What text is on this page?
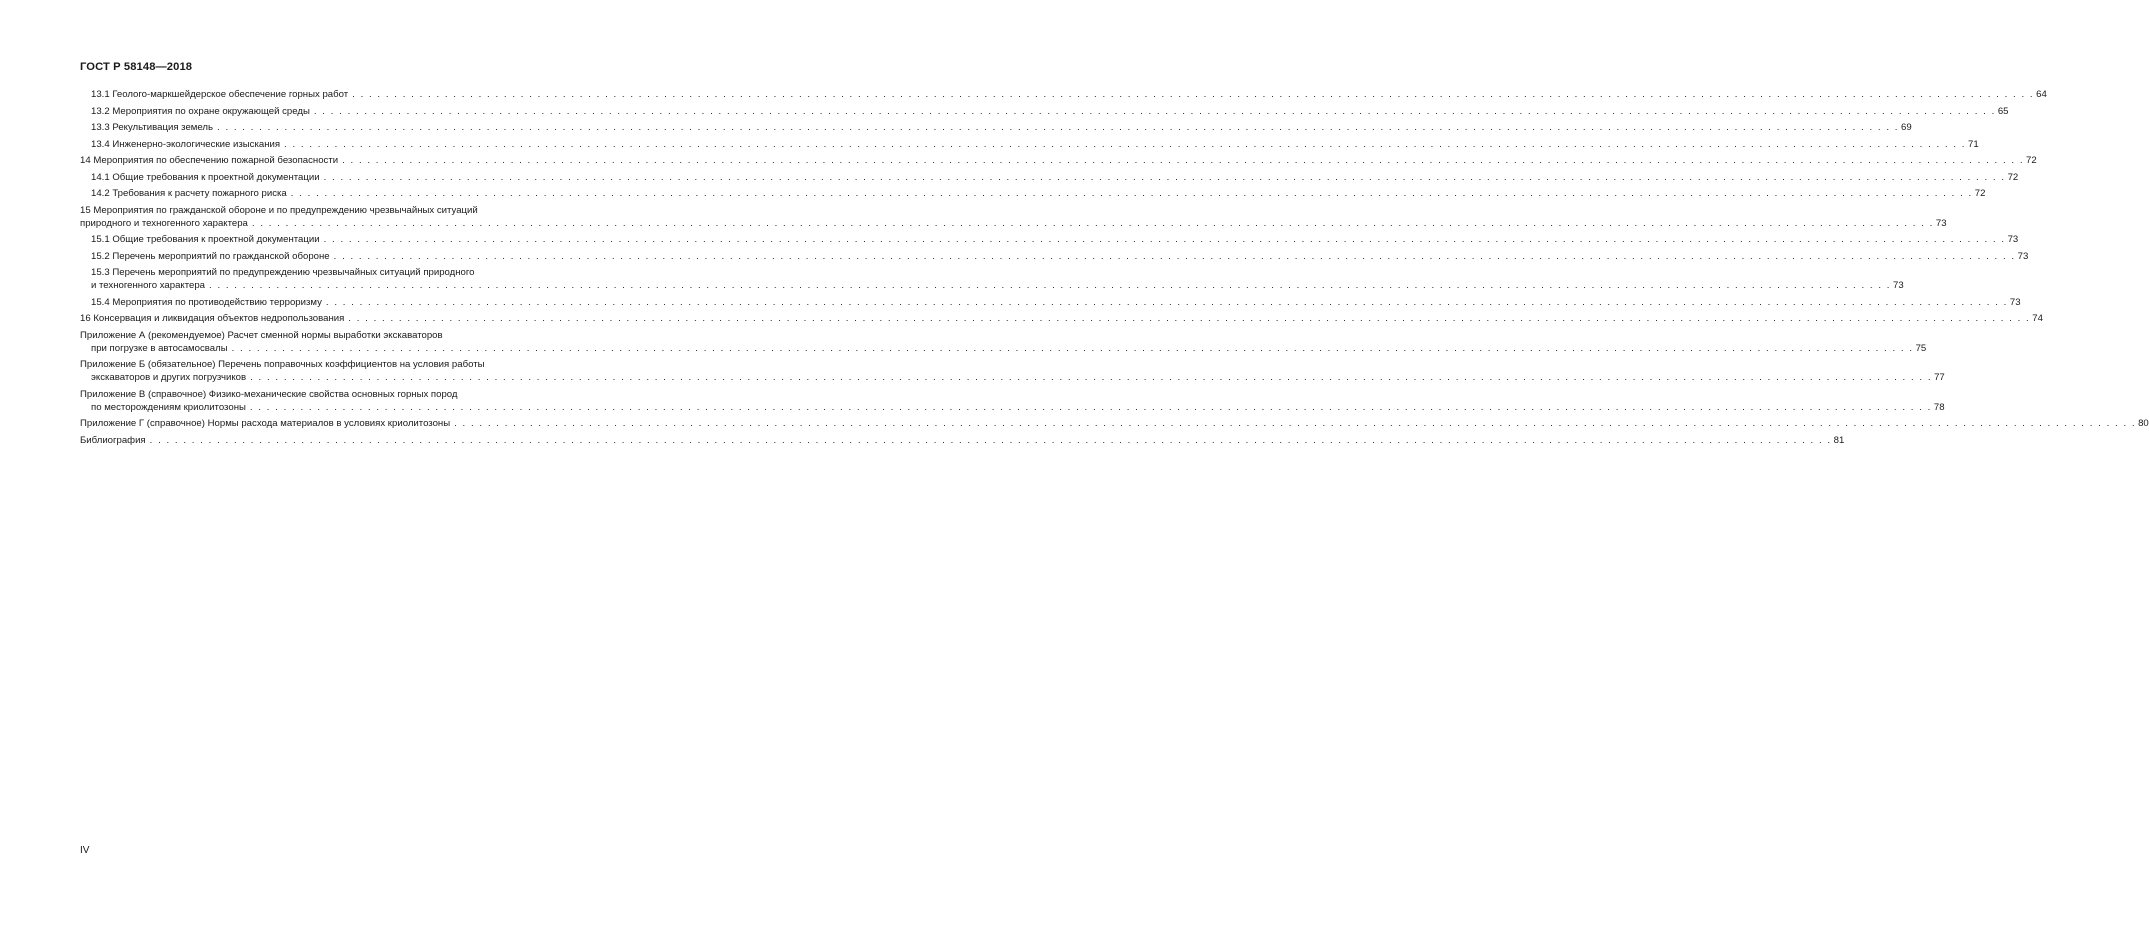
ГОСТ Р 58148—2018
13.1 Геолого-маркшейдерское обеспечение горных работ . . . . . . . . . . . . . . . . . . . . . . . . . . . . . . . . . . . . . . . . . . . . . . . . . . . . . . . . . . . . . . . . . . . . . . . . . . . . . . . . . . . . . . . . . . . . . . . . . . . . . . . . . . . . . . . . . . . . . . . . . . . . . . . . . . . . . . . . . . . . . . . . . . . . . . . . . . . . . . . . . . . . . . . . . . . . . . . . . . . . . . . . . . . . . . . . . . . . . . . . 64
13.2 Мероприятия по охране окружающей среды . . . . . . . . . . . . . . . . . . . . . . . . . . . . . . . . . . . . . . . . . . . . . . . . . . . . . . . . . . . . . . . . . . . . . . . . . . . . . . . . . . . . . . . . . . . . . . . . . . . . . . . . . . . . . . . . . . . . . . . . . . . . . . . . . . . . . . . . . . . . . . . . . . . . . . . . . . . . . . . . . . . . . . . . . . . . . . . . . . . . . . . . . . . . . . . . . . . . . . . . 65
13.3 Рекультивация земель . . . . . . . . . . . . . . . . . . . . . . . . . . . . . . . . . . . . . . . . . . . . . . . . . . . . . . . . . . . . . . . . . . . . . . . . . . . . . . . . . . . . . . . . . . . . . . . . . . . . . . . . . . . . . . . . . . . . . . . . . . . . . . . . . . . . . . . . . . . . . . . . . . . . . . . . . . . . . . . . . . . . . . . . . . . . . . . . . . . . . . . . . . . . . . . . . . . . . . . . 69
13.4 Инженерно-экологические изыскания . . . . . . . . . . . . . . . . . . . . . . . . . . . . . . . . . . . . . . . . . . . . . . . . . . . . . . . . . . . . . . . . . . . . . . . . . . . . . . . . . . . . . . . . . . . . . . . . . . . . . . . . . . . . . . . . . . . . . . . . . . . . . . . . . . . . . . . . . . . . . . . . . . . . . . . . . . . . . . . . . . . . . . . . . . . . . . . . . . . . . . . . . . . . . . . . . . . . . . . . 71
14 Мероприятия по обеспечению пожарной безопасности . . . . . . . . . . . . . . . . . . . . . . . . . . . . . . . . . . . . . . . . . . . . . . . . . . . . . . . . . . . . . . . . . . . . . . . . . . . . . . . . . . . . . . . . . . . . . . . . . . . . . . . . . . . . . . . . . . . . . . . . . . . . . . . . . . . . . . . . . . . . . . . . . . . . . . . . . . . . . . . . . . . . . . . . . . . . . . . . . . . . . . . . . . . . . . . . . . . . . . . . 72
14.1 Общие требования к проектной документации . . . . . . . . . . . . . . . . . . . . . . . . . . . . . . . . . . . . . . . . . . . . . . . . . . . . . . . . . . . . . . . . . . . . . . . . . . . . . . . . . . . . . . . . . . . . . . . . . . . . . . . . . . . . . . . . . . . . . . . . . . . . . . . . . . . . . . . . . . . . . . . . . . . . . . . . . . . . . . . . . . . . . . . . . . . . . . . . . . . . . . . . . . . . . . . . . . . . . . . . 72
14.2 Требования к расчету пожарного риска . . . . . . . . . . . . . . . . . . . . . . . . . . . . . . . . . . . . . . . . . . . . . . . . . . . . . . . . . . . . . . . . . . . . . . . . . . . . . . . . . . . . . . . . . . . . . . . . . . . . . . . . . . . . . . . . . . . . . . . . . . . . . . . . . . . . . . . . . . . . . . . . . . . . . . . . . . . . . . . . . . . . . . . . . . . . . . . . . . . . . . . . . . . . . . . . . . . . . . . . 72
15 Мероприятия по гражданской обороне и по предупреждению чрезвычайных ситуаций
природного и техногенного характера . . . . . . . . . . . . . . . . . . . . . . . . . . . . . . . . . . . . . . . . . . . . . . . . . . . . . . . . . . . . . . . . . . . . . . . . . . . . . . . . . . . . . . . . . . . . . . . . . . . . . . . . . . . . . . . . . . . . . . . . . . . . . . . . . . . . . . . . . . . . . . . . . . . . . . . . . . . . . . . . . . . . . . . . . . . . . . . . . . . . . . . . . . . . . . . . . . . . . . . . 73
15.1 Общие требования к проектной документации . . . . . . . . . . . . . . . . . . . . . . . . . . . . . . . . . . . . . . . . . . . . . . . . . . . . . . . . . . . . . . . . . . . . . . . . . . . . . . . . . . . . . . . . . . . . . . . . . . . . . . . . . . . . . . . . . . . . . . . . . . . . . . . . . . . . . . . . . . . . . . . . . . . . . . . . . . . . . . . . . . . . . . . . . . . . . . . . . . . . . . . . . . . . . . . . . . . . . . . . 73
15.2 Перечень мероприятий по гражданской обороне . . . . . . . . . . . . . . . . . . . . . . . . . . . . . . . . . . . . . . . . . . . . . . . . . . . . . . . . . . . . . . . . . . . . . . . . . . . . . . . . . . . . . . . . . . . . . . . . . . . . . . . . . . . . . . . . . . . . . . . . . . . . . . . . . . . . . . . . . . . . . . . . . . . . . . . . . . . . . . . . . . . . . . . . . . . . . . . . . . . . . . . . . . . . . . . . . . . . . . . . 73
15.3 Перечень мероприятий по предупреждению чрезвычайных ситуаций природного
и техногенного характера . . . . . . . . . . . . . . . . . . . . . . . . . . . . . . . . . . . . . . . . . . . . . . . . . . . . . . . . . . . . . . . . . . . . . . . . . . . . . . . . . . . . . . . . . . . . . . . . . . . . . . . . . . . . . . . . . . . . . . . . . . . . . . . . . . . . . . . . . . . . . . . . . . . . . . . . . . . . . . . . . . . . . . . . . . . . . . . . . . . . . . . . . . . . . . . . . . . . . . . . 73
15.4 Мероприятия по противодействию терроризму . . . . . . . . . . . . . . . . . . . . . . . . . . . . . . . . . . . . . . . . . . . . . . . . . . . . . . . . . . . . . . . . . . . . . . . . . . . . . . . . . . . . . . . . . . . . . . . . . . . . . . . . . . . . . . . . . . . . . . . . . . . . . . . . . . . . . . . . . . . . . . . . . . . . . . . . . . . . . . . . . . . . . . . . . . . . . . . . . . . . . . . . . . . . . . . . . . . . . . . . 73
16 Консервация и ликвидация объектов недропользования . . . . . . . . . . . . . . . . . . . . . . . . . . . . . . . . . . . . . . . . . . . . . . . . . . . . . . . . . . . . . . . . . . . . . . . . . . . . . . . . . . . . . . . . . . . . . . . . . . . . . . . . . . . . . . . . . . . . . . . . . . . . . . . . . . . . . . . . . . . . . . . . . . . . . . . . . . . . . . . . . . . . . . . . . . . . . . . . . . . . . . . . . . . . . . . . . . . . . . . . 74
Приложение А (рекомендуемое) Расчет сменной нормы выработки экскаваторов
при погрузке в автосамосвалы . . . . . . . . . . . . . . . . . . . . . . . . . . . . . . . . . . . . . . . . . . . . . . . . . . . . . . . . . . . . . . . . . . . . . . . . . . . . . . . . . . . . . . . . . . . . . . . . . . . . . . . . . . . . . . . . . . . . . . . . . . . . . . . . . . . . . . . . . . . . . . . . . . . . . . . . . . . . . . . . . . . . . . . . . . . . . . . . . . . . . . . . . . . . . . . . . . . . . . . . 75
Приложение Б (обязательное) Перечень поправочных коэффициентов на условия работы
экскаваторов и других погрузчиков . . . . . . . . . . . . . . . . . . . . . . . . . . . . . . . . . . . . . . . . . . . . . . . . . . . . . . . . . . . . . . . . . . . . . . . . . . . . . . . . . . . . . . . . . . . . . . . . . . . . . . . . . . . . . . . . . . . . . . . . . . . . . . . . . . . . . . . . . . . . . . . . . . . . . . . . . . . . . . . . . . . . . . . . . . . . . . . . . . . . . . . . . . . . . . . . . . . . . . . . 77
Приложение В (справочное) Физико-механические свойства основных горных пород
по месторождениям криолитозоны . . . . . . . . . . . . . . . . . . . . . . . . . . . . . . . . . . . . . . . . . . . . . . . . . . . . . . . . . . . . . . . . . . . . . . . . . . . . . . . . . . . . . . . . . . . . . . . . . . . . . . . . . . . . . . . . . . . . . . . . . . . . . . . . . . . . . . . . . . . . . . . . . . . . . . . . . . . . . . . . . . . . . . . . . . . . . . . . . . . . . . . . . . . . . . . . . . . . . . . . 78
Приложение Г (справочное) Нормы расхода материалов в условиях криолитозоны . . . . . . . . . . . . . . . . . . . . . . . . . . . . . . . . . . . . . . . . . . . . . . . . . . . . . . . . . . . . . . . . . . . . . . . . . . . . . . . . . . . . . . . . . . . . . . . . . . . . . . . . . . . . . . . . . . . . . . . . . . . . . . . . . . . . . . . . . . . . . . . . . . . . . . . . . . . . . . . . . . . . . . . . . . . . . . . . . . . . . . . . . . . . . . . . . . . . . . . . 80
Библиография . . . . . . . . . . . . . . . . . . . . . . . . . . . . . . . . . . . . . . . . . . . . . . . . . . . . . . . . . . . . . . . . . . . . . . . . . . . . . . . . . . . . . . . . . . . . . . . . . . . . . . . . . . . . . . . . . . . . . . . . . . . . . . . . . . . . . . . . . . . . . . . . . . . . . . . . . . . . . . . . . . . . . . . . . . . . . . . . . . . . . . . . . . . . . . . . . . . . . . . . 81
IV
